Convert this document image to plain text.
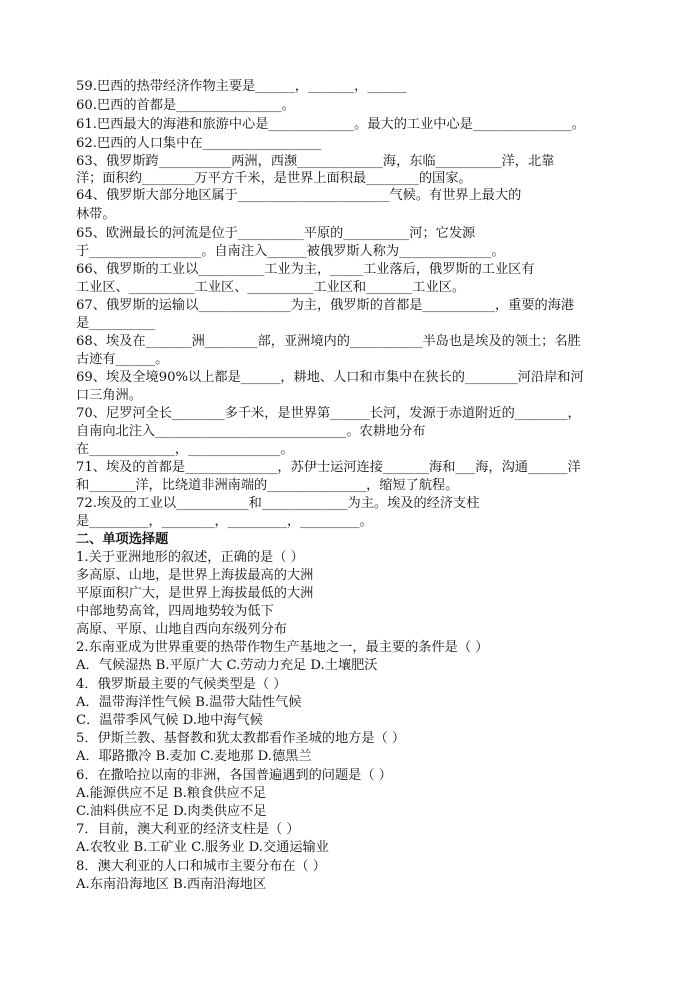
59.巴西的热带经济作物主要是______，_______，______
60.巴西的首都是________________。
61.巴西最大的海港和旅游中心是_____________。最大的工业中心是_______________。
62.巴西的人口集中在__________________
63、俄罗斯跨___________两洲，西濒_____________海，东临__________洋，北靠
洋；面积约________万平方千米，是世界上面积最________的国家。
64、俄罗斯大部分地区属于_______________________气候。有世界上最大的
林带。
65、欧洲最长的河流是位于__________平原的__________河；它发源
于_________________。自南注入______被俄罗斯人称为______________。
66、俄罗斯的工业以__________工业为主，_____工业落后，俄罗斯的工业区有
工业区、__________工业区、__________工业区和_______工业区。
67、俄罗斯的运输以______________为主，俄罗斯的首都是___________，重要的海港
是__________
68、埃及在_______洲________部，亚洲境内的___________半岛也是埃及的领土；名胜
古迹有______。
69、埃及全境90%以上都是______，耕地、人口和市集中在狭长的________河沿岸和河
口三角洲。
70、尼罗河全长________多千米，是世界第______长河，发源于赤道附近的________，
自南向北注入_____________________________。农耕地分布
在_____________，______________。
71、埃及的首都是______________，苏伊士运河连接_______海和___海，沟通______洋
和_______洋，比绕道非洲南端的_______________，缩短了航程。
72.埃及的工业以___________和_____________为主。埃及的经济支柱
是_________，________，_________，_________。
二、单项选择题
1.关于亚洲地形的叙述，正确的是（ ）
多高原、山地，是世界上海拔最高的大洲
平原面积广大，是世界上海拔最低的大洲
中部地势高耸，四周地势较为低下
高原、平原、山地自西向东级列分布
2.东南亚成为世界重要的热带作物生产基地之一，最主要的条件是（ ）
A．气候湿热 B.平原广大 C.劳动力充足 D.土壤肥沃
4．俄罗斯最主要的气候类型是（ ）
A．温带海洋性气候 B.温带大陆性气候
C．温带季风气候 D.地中海气候
5．伊斯兰教、基督教和犹太教都看作圣城的地方是（ ）
A．耶路撒冷 B.麦加 C.麦地那 D.德黑兰
6．在撒哈拉以南的非洲，各国普遍遇到的问题是（ ）
A.能源供应不足 B.粮食供应不足
C.油料供应不足 D.肉类供应不足
7．目前，澳大利亚的经济支柱是（ ）
A.农牧业 B.工矿业 C.服务业 D.交通运输业
8．澳大利亚的人口和城市主要分布在（ ）
A.东南沿海地区 B.西南沿海地区
